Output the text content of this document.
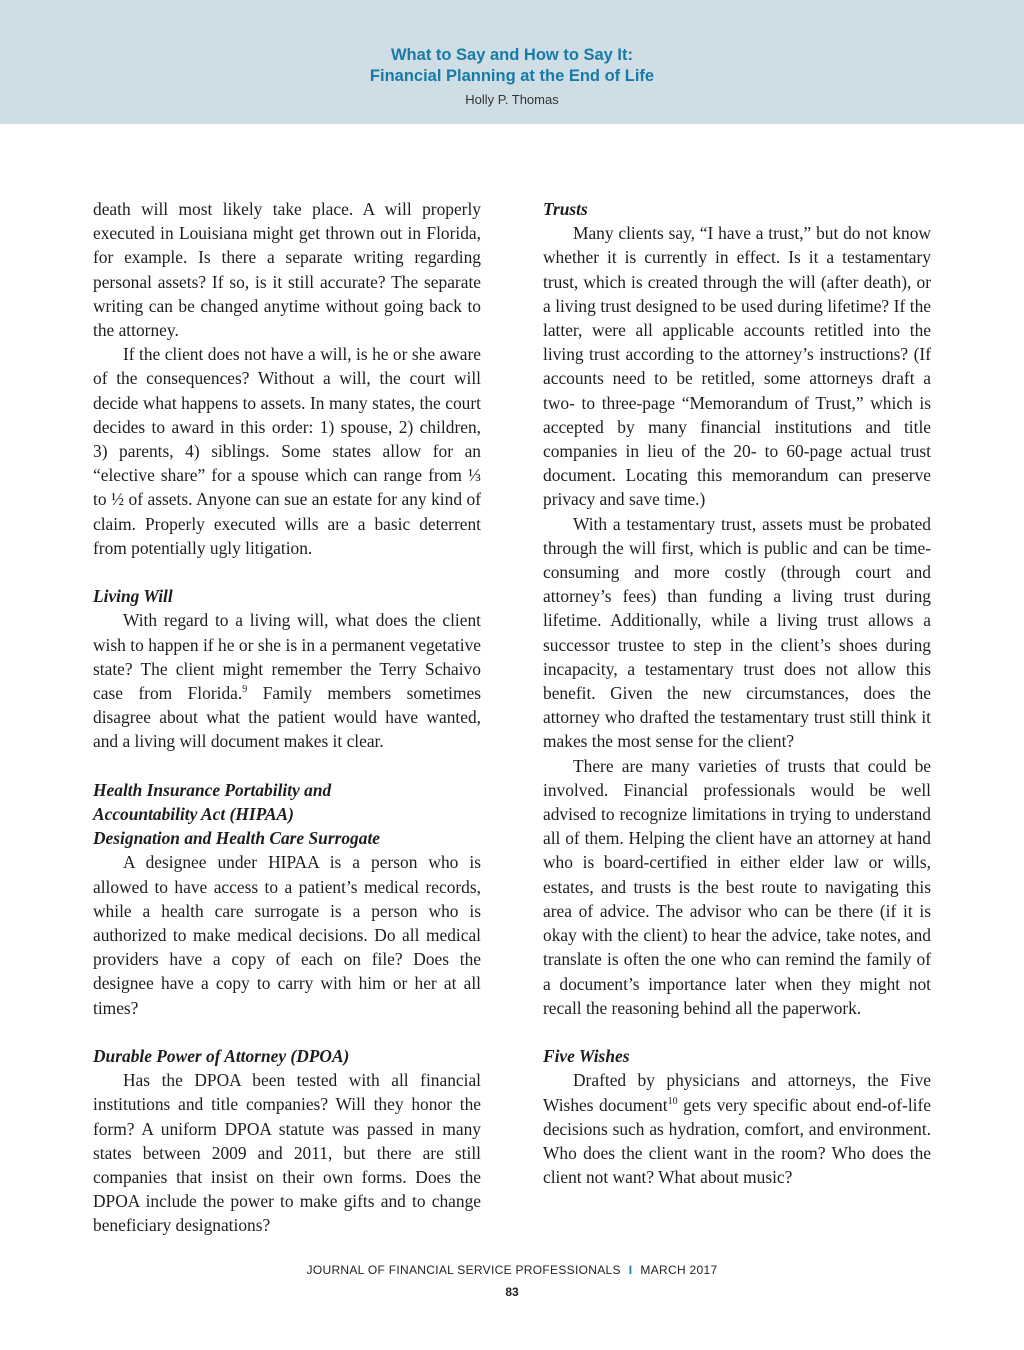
What to Say and How to Say It:
Financial Planning at the End of Life
Holly P. Thomas

death will most likely take place. A will properly executed in Louisiana might get thrown out in Florida, for example. Is there a separate writing regarding personal assets? If so, is it still accurate? The separate writing can be changed anytime without going back to the attorney.

If the client does not have a will, is he or she aware of the consequences? Without a will, the court will decide what happens to assets. In many states, the court decides to award in this order: 1) spouse, 2) children, 3) parents, 4) siblings. Some states allow for an “elective share” for a spouse which can range from ⅓ to ½ of assets. Anyone can sue an estate for any kind of claim. Properly executed wills are a basic deterrent from potentially ugly litigation.

Living Will

With regard to a living will, what does the client wish to happen if he or she is in a permanent vegetative state? The client might remember the Terry Schaivo case from Florida.$^9$ Family members sometimes disagree about what the patient would have wanted, and a living will document makes it clear.

Health Insurance Portability and
Accountability Act (HIPAA)
Designation and Health Care Surrogate

A designee under HIPAA is a person who is allowed to have access to a patient’s medical records, while a health care surrogate is a person who is authorized to make medical decisions. Do all medical providers have a copy of each on file? Does the designee have a copy to carry with him or her at all times?

Durable Power of Attorney (DPOA)

Has the DPOA been tested with all financial institutions and title companies? Will they honor the form? A uniform DPOA statute was passed in many states between 2009 and 2011, but there are still companies that insist on their own forms. Does the DPOA include the power to make gifts and to change beneficiary designations?

Trusts

Many clients say, “I have a trust,” but do not know whether it is currently in effect. Is it a testamentary trust, which is created through the will (after death), or a living trust designed to be used during lifetime? If the latter, were all applicable accounts retitled into the living trust according to the attorney’s instructions? (If accounts need to be retitled, some attorneys draft a two- to three-page “Memorandum of Trust,” which is accepted by many financial institutions and title companies in lieu of the 20- to 60-page actual trust document. Locating this memorandum can preserve privacy and save time.)

With a testamentary trust, assets must be probated through the will first, which is public and can be time-consuming and more costly (through court and attorney’s fees) than funding a living trust during lifetime. Additionally, while a living trust allows a successor trustee to step in the client’s shoes during incapacity, a testamentary trust does not allow this benefit. Given the new circumstances, does the attorney who drafted the testamentary trust still think it makes the most sense for the client?

There are many varieties of trusts that could be involved. Financial professionals would be well advised to recognize limitations in trying to understand all of them. Helping the client have an attorney at hand who is board-certified in either elder law or wills, estates, and trusts is the best route to navigating this area of advice. The advisor who can be there (if it is okay with the client) to hear the advice, take notes, and translate is often the one who can remind the family of a document’s importance later when they might not recall the reasoning behind all the paperwork.

Five Wishes

Drafted by physicians and attorneys, the Five Wishes document$^{10}$ gets very specific about end-of-life decisions such as hydration, comfort, and environment. Who does the client want in the room? Who does the client not want? What about music?

JOURNAL OF FINANCIAL SERVICE PROFESSIONALS I MARCH 2017
83
